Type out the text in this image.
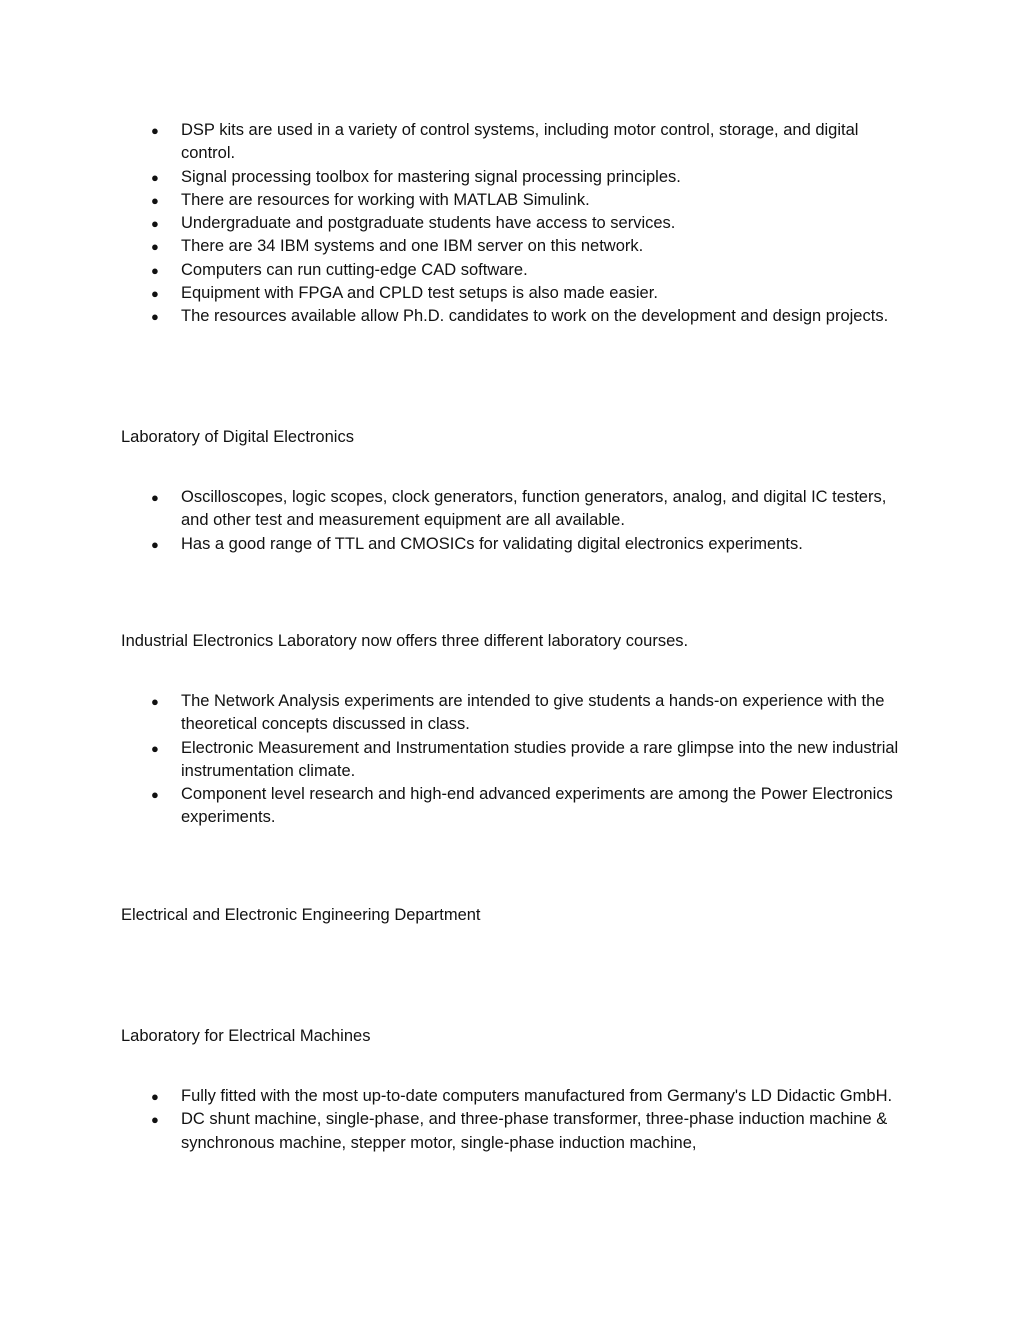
● DSP kits are used in a variety of control systems, including motor control, storage, and digital control.
● Signal processing toolbox for mastering signal processing principles.
● There are resources for working with MATLAB Simulink.
● Undergraduate and postgraduate students have access to services.
● There are 34 IBM systems and one IBM server on this network.
● Computers can run cutting-edge CAD software.
● Equipment with FPGA and CPLD test setups is also made easier.
● The resources available allow Ph.D. candidates to work on the development and design projects.

Laboratory of Digital Electronics

● Oscilloscopes, logic scopes, clock generators, function generators, analog, and digital IC testers, and other test and measurement equipment are all available.
● Has a good range of TTL and CMOSICs for validating digital electronics experiments.

Industrial Electronics Laboratory now offers three different laboratory courses.

● The Network Analysis experiments are intended to give students a hands-on experience with the theoretical concepts discussed in class.
● Electronic Measurement and Instrumentation studies provide a rare glimpse into the new industrial instrumentation climate.
● Component level research and high-end advanced experiments are among the Power Electronics experiments.

Electrical and Electronic Engineering Department

Laboratory for Electrical Machines

● Fully fitted with the most up-to-date computers manufactured from Germany's LD Didactic GmbH.
● DC shunt machine, single-phase, and three-phase transformer, three-phase induction machine & synchronous machine, stepper motor, single-phase induction machine,
